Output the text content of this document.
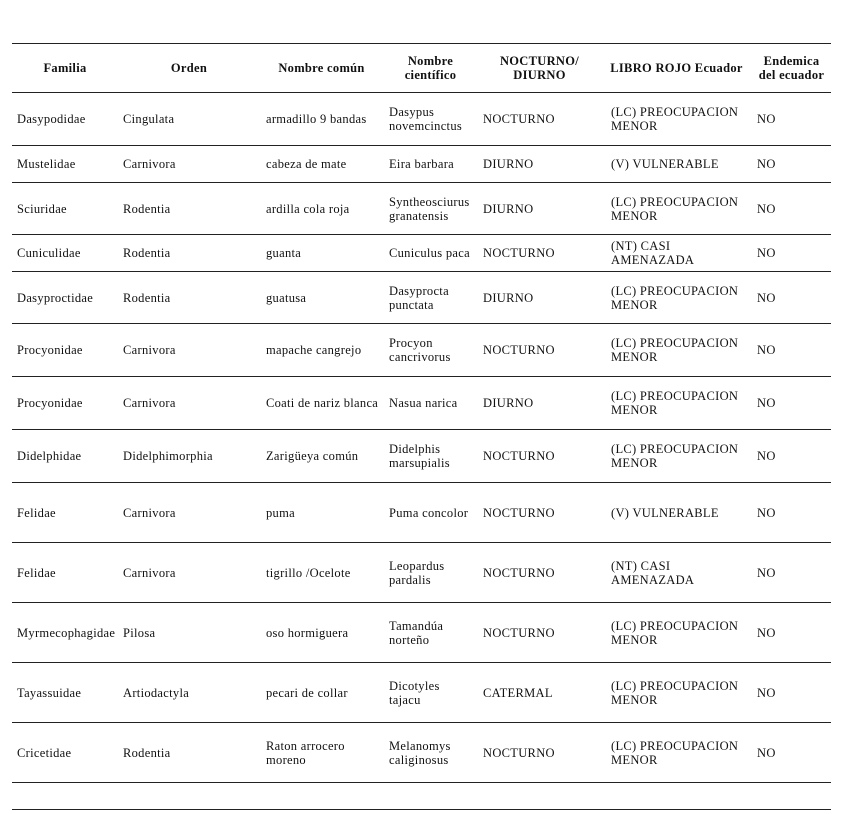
Familia	Orden	Nombre común	Nombre científico	NOCTURNO/ DIURNO	LIBRO ROJO Ecuador	Endemica del ecuador
Dasypodidae	Cingulata	armadillo 9 bandas	Dasypus novemcinctus	NOCTURNO	(LC) PREOCUPACION MENOR	NO
Mustelidae	Carnivora	cabeza de mate	Eira barbara	DIURNO	(V) VULNERABLE	NO
Sciuridae	Rodentia	ardilla cola roja	Syntheosciurus granatensis	DIURNO	(LC) PREOCUPACION MENOR	NO
Cuniculidae	Rodentia	guanta	Cuniculus paca	NOCTURNO	(NT) CASI AMENAZADA	NO
Dasyproctidae	Rodentia	guatusa	Dasyprocta punctata	DIURNO	(LC) PREOCUPACION MENOR	NO
Procyonidae	Carnivora	mapache cangrejo	Procyon cancrivorus	NOCTURNO	(LC) PREOCUPACION MENOR	NO
Procyonidae	Carnivora	Coati de nariz blanca	Nasua narica	DIURNO	(LC) PREOCUPACION MENOR	NO
Didelphidae	Didelphimorphia	Zarigüeya común	Didelphis marsupialis	NOCTURNO	(LC) PREOCUPACION MENOR	NO
Felidae	Carnivora	puma	Puma concolor	NOCTURNO	(V) VULNERABLE	NO
Felidae	Carnivora	tigrillo /Ocelote	Leopardus pardalis	NOCTURNO	(NT) CASI AMENAZADA	NO
Myrmecophagidae	Pilosa	oso hormiguera	Tamandúa norteño	NOCTURNO	(LC) PREOCUPACION MENOR	NO
Tayassuidae	Artiodactyla	pecari de collar	Dicotyles tajacu	CATERMAL	(LC) PREOCUPACION MENOR	NO
Cricetidae	Rodentia	Raton arrocero moreno	Melanomys caliginosus	NOCTURNO	(LC) PREOCUPACION MENOR	NO
